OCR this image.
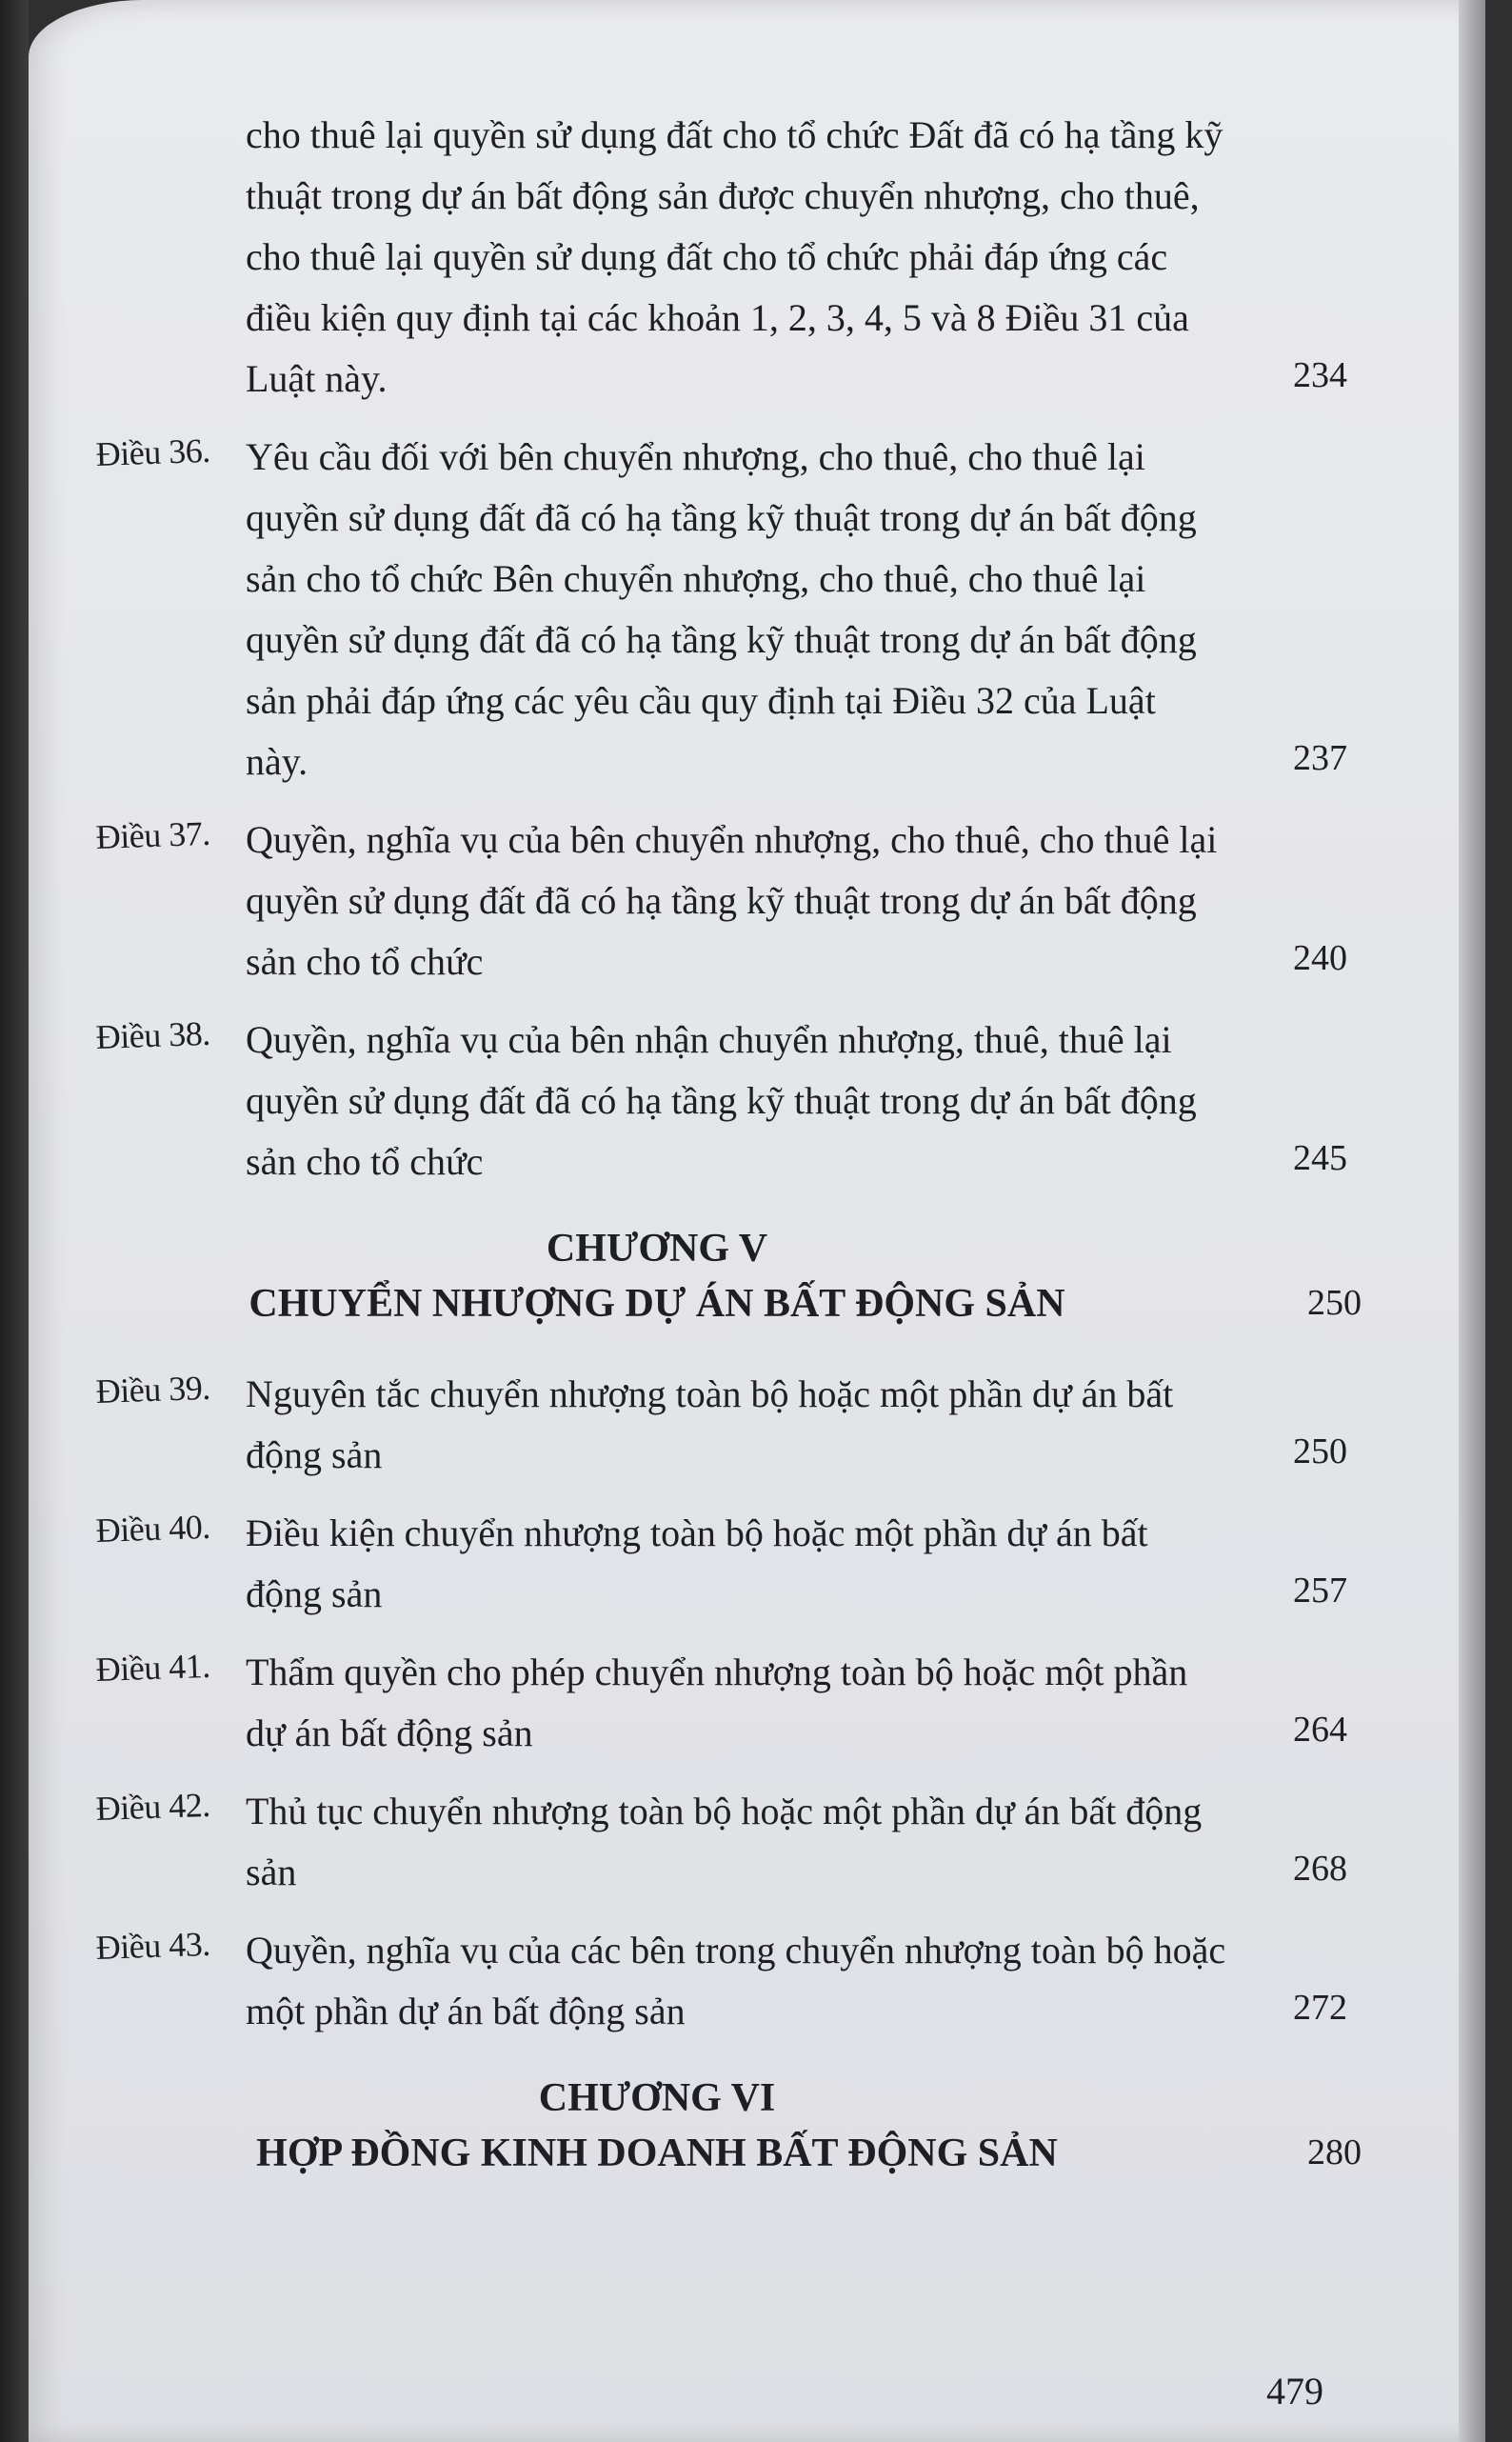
cho thuê lại quyền sử dụng đất cho tổ chức Đất đã có hạ tầng kỹ thuật trong dự án bất động sản được chuyển nhượng, cho thuê, cho thuê lại quyền sử dụng đất cho tổ chức phải đáp ứng các điều kiện quy định tại các khoản 1, 2, 3, 4, 5 và 8 Điều 31 của Luật này.	234
Điều 36. Yêu cầu đối với bên chuyển nhượng, cho thuê, cho thuê lại quyền sử dụng đất đã có hạ tầng kỹ thuật trong dự án bất động sản cho tổ chức Bên chuyển nhượng, cho thuê, cho thuê lại quyền sử dụng đất đã có hạ tầng kỹ thuật trong dự án bất động sản phải đáp ứng các yêu cầu quy định tại Điều 32 của Luật này.	237
Điều 37. Quyền, nghĩa vụ của bên chuyển nhượng, cho thuê, cho thuê lại quyền sử dụng đất đã có hạ tầng kỹ thuật trong dự án bất động sản cho tổ chức	240
Điều 38. Quyền, nghĩa vụ của bên nhận chuyển nhượng, thuê, thuê lại quyền sử dụng đất đã có hạ tầng kỹ thuật trong dự án bất động sản cho tổ chức	245
CHƯƠNG V
CHUYỂN NHƯỢNG DỰ ÁN BẤT ĐỘNG SẢN	250
Điều 39. Nguyên tắc chuyển nhượng toàn bộ hoặc một phần dự án bất động sản	250
Điều 40. Điều kiện chuyển nhượng toàn bộ hoặc một phần dự án bất động sản	257
Điều 41. Thẩm quyền cho phép chuyển nhượng toàn bộ hoặc một phần dự án bất động sản	264
Điều 42. Thủ tục chuyển nhượng toàn bộ hoặc một phần dự án bất động sản	268
Điều 43. Quyền, nghĩa vụ của các bên trong chuyển nhượng toàn bộ hoặc một phần dự án bất động sản	272
CHƯƠNG VI
HỢP ĐỒNG KINH DOANH BẤT ĐỘNG SẢN	280
479
